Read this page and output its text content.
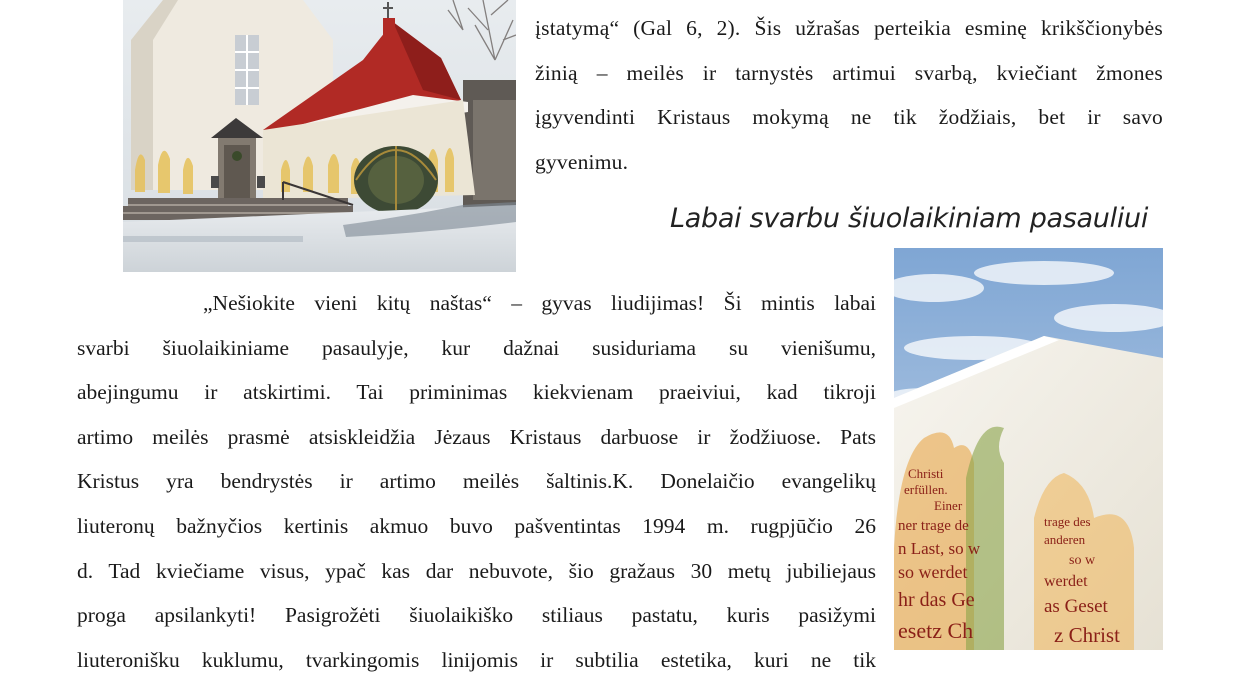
įstatymą“ (Gal 6, 2). Šis užrašas perteikia esminę krikščionybės
žinią – meilės ir tarnystės artimui svarbą, kviečiant žmones
įgyvendinti Kristaus mokymą ne tik žodžiais, bet ir savo
gyvenimu.
Labai svarbu šiuolaikiniam pasauliui
Christi
erfüllen.
Einer
ner trage de
n Last, so w
so werdet
hr das Ge
esetz Ch
trage des
anderen
so w
werdet
as Geset
z Christ
„Nešiokite vieni kitų naštas“ – gyvas liudijimas! Ši mintis labai
svarbi šiuolaikiniame pasaulyje, kur dažnai susiduriama su vienišumu,
abejingumu ir atskirtimi. Tai priminimas kiekvienam praeiviui, kad tikroji
artimo meilės prasmė atsiskleidžia Jėzaus Kristaus darbuose ir žodžiuose. Pats
Kristus yra bendrystės ir artimo meilės šaltinis.K. Donelaičio evangelikų
liuteronų bažnyčios kertinis akmuo buvo pašventintas 1994 m. rugpjūčio 26
d. Tad kviečiame visus, ypač kas dar nebuvote, šio gražaus 30 metų jubiliejaus
proga apsilankyti! Pasigrožėti šiuolaikiško stiliaus pastatu, kuris pasižymi
liuteronišku kuklumu, tvarkingomis linijomis ir subtilia estetika, kuri ne tik
